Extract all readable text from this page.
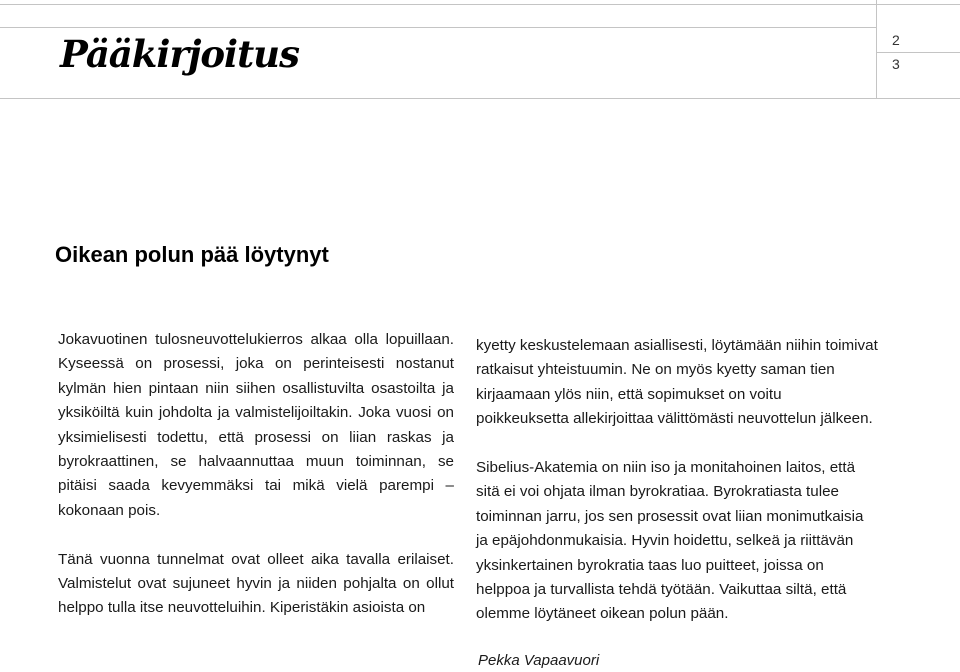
Pääkirjoitus	2
3
Oikean polun pää löytynyt

Jokavuotinen tulosneuvottelukierros alkaa olla lopuillaan. Kyseessä on prosessi, joka on perinteisesti nostanut kylmän hien pintaan niin siihen osallistuvilta osastoilta ja yksiköiltä kuin johdolta ja valmistelijoiltakin. Joka vuosi on yksimielisesti todettu, että prosessi on liian raskas ja byrokraattinen, se halvaannuttaa muun toiminnan, se pitäisi saada kevyemmäksi tai mikä vielä parempi – kokonaan pois.

Tänä vuonna tunnelmat ovat olleet aika tavalla erilaiset. Valmistelut ovat sujuneet hyvin ja niiden pohjalta on ollut helppo tulla itse neuvotteluihin. Kiperistäkin asioista on

kyetty keskustelemaan asiallisesti, löytämään niihin toimivat ratkaisut yhteistuumin. Ne on myös kyetty saman tien kirjaamaan ylös niin, että sopimukset on voitu poikkeuksetta allekirjoittaa välittömästi neuvottelun jälkeen.

Sibelius-Akatemia on niin iso ja monitahoinen laitos, että sitä ei voi ohjata ilman byrokratiaa. Byrokratiasta tulee toiminnan jarru, jos sen prosessit ovat liian monimutkaisia ja epäjohdonmukaisia. Hyvin hoidettu, selkeä ja riittävän yksinkertainen byrokratia taas luo puitteet, joissa on helppoa ja turvallista tehdä työtään. Vaikuttaa siltä, että olemme löytäneet oikean polun pään.

Pekka Vapaavuori
